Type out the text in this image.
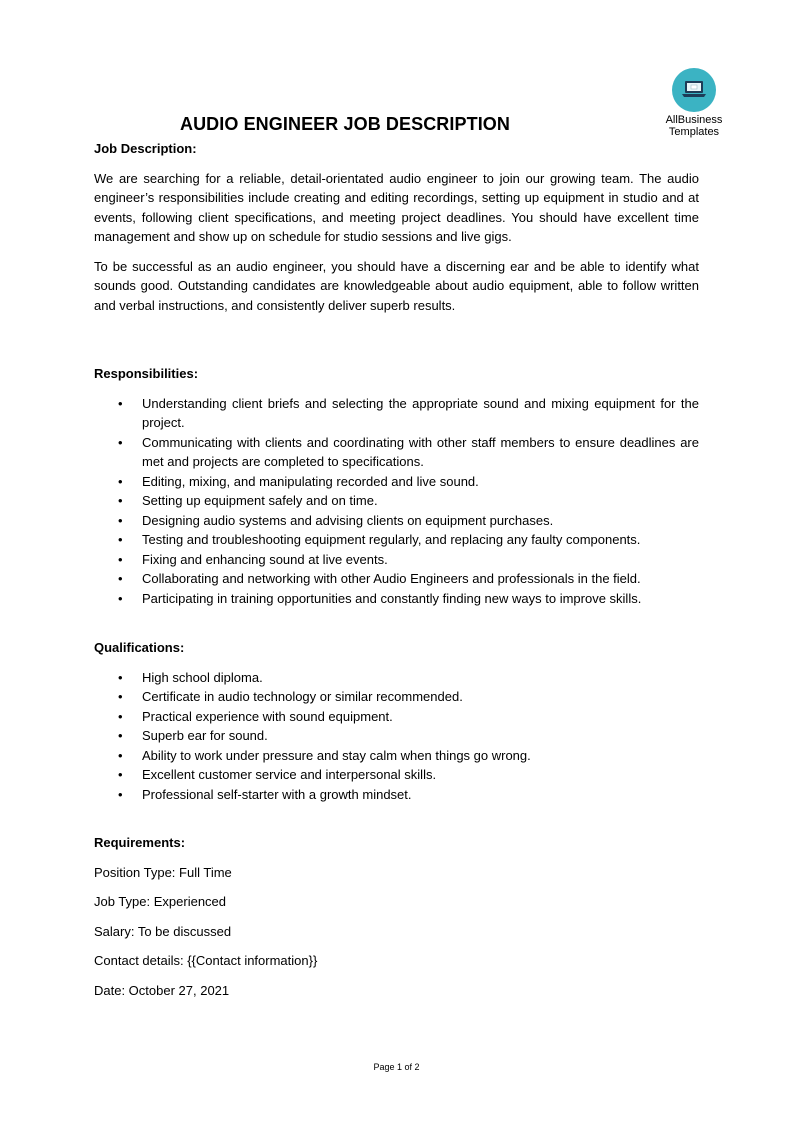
AllBusiness
Templates
AUDIO ENGINEER JOB DESCRIPTION

Job Description:

We are searching for a reliable, detail-orientated audio engineer to join our growing team. The audio engineer’s responsibilities include creating and editing recordings, setting up equipment in studio and at events, following client specifications, and meeting project deadlines. You should have excellent time management and show up on schedule for studio sessions and live gigs.

To be successful as an audio engineer, you should have a discerning ear and be able to identify what sounds good. Outstanding candidates are knowledgeable about audio equipment, able to follow written and verbal instructions, and consistently deliver superb results.

Responsibilities:

• Understanding client briefs and selecting the appropriate sound and mixing equipment for the project.
• Communicating with clients and coordinating with other staff members to ensure deadlines are met and projects are completed to specifications.
• Editing, mixing, and manipulating recorded and live sound.
• Setting up equipment safely and on time.
• Designing audio systems and advising clients on equipment purchases.
• Testing and troubleshooting equipment regularly, and replacing any faulty components.
• Fixing and enhancing sound at live events.
• Collaborating and networking with other Audio Engineers and professionals in the field.
• Participating in training opportunities and constantly finding new ways to improve skills.

Qualifications:

• High school diploma.
• Certificate in audio technology or similar recommended.
• Practical experience with sound equipment.
• Superb ear for sound.
• Ability to work under pressure and stay calm when things go wrong.
• Excellent customer service and interpersonal skills.
• Professional self-starter with a growth mindset.

Requirements:

Position Type: Full Time

Job Type: Experienced

Salary: To be discussed

Contact details: {{Contact information}}

Date: October 27, 2021

Page 1 of 2
